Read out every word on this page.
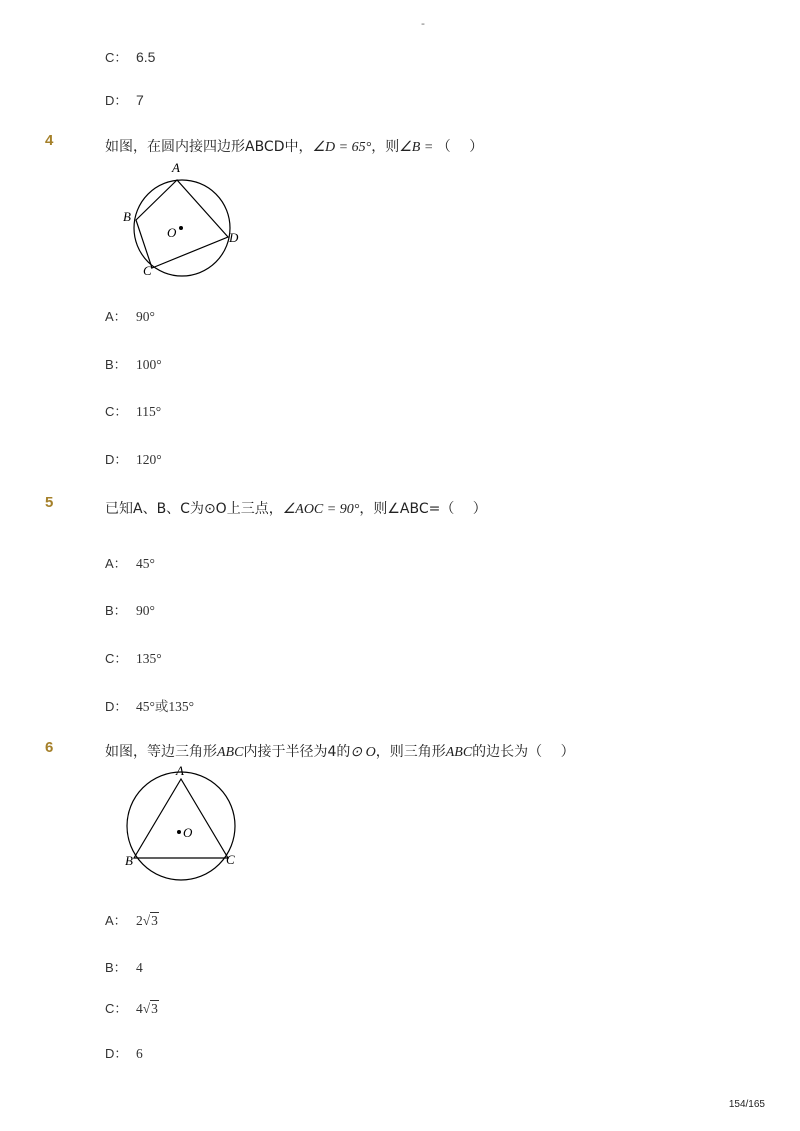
-
C： 6.5
D： 7
4	如图，在圆内接四边形ABCD中，∠D = 65°，则∠B = （　 ）
A
B
C
D
O
A： 90°
B： 100°
C： 115°
D： 120°
5	已知A、B、C为⊙O上三点，∠AOC = 90°，则∠ABC=（　 ）
A： 45°
B： 90°
C： 135°
D： 45°或135°
6	如图，等边三角形ABC内接于半径为4的⊙ O，则三角形ABC的边长为（　 ）
A
B	C
O
A： 2√3
B： 4
C： 4√3
D： 6
154/165
